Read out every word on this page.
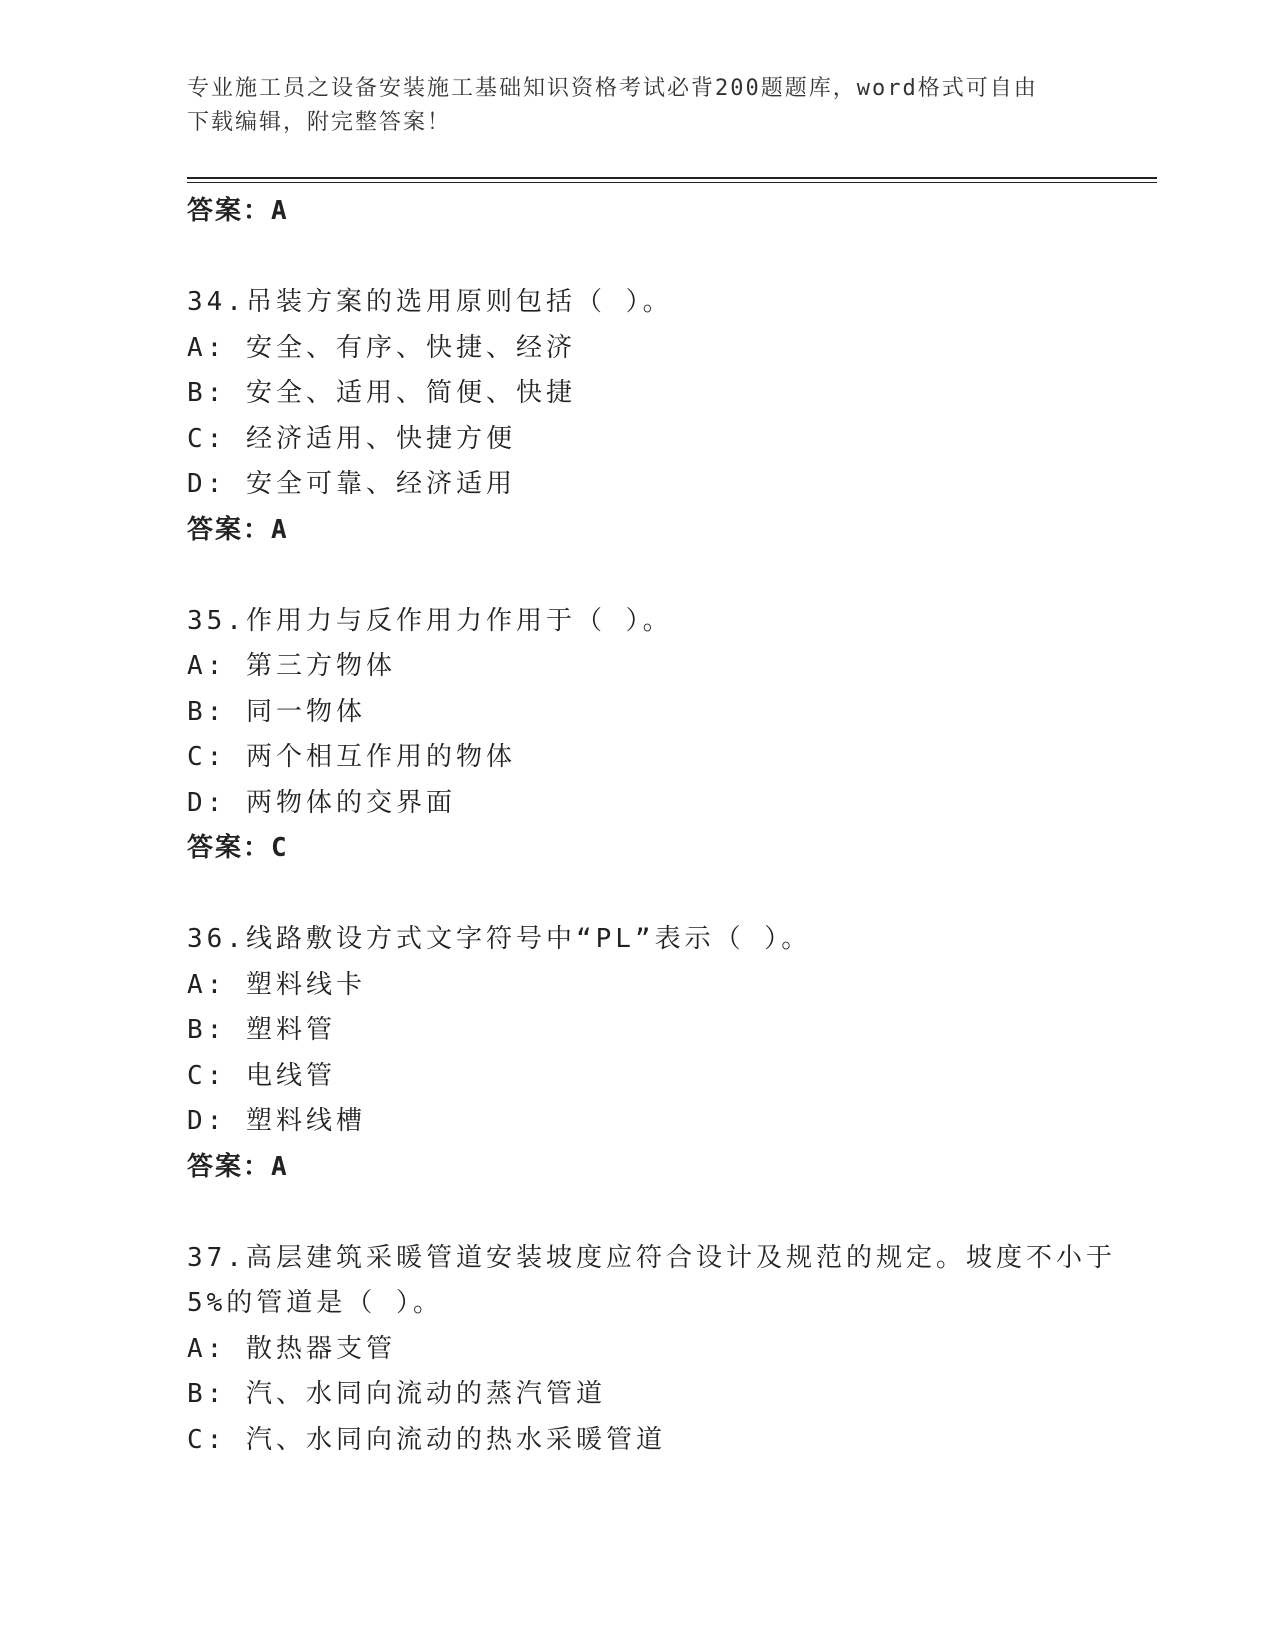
专业施工员之设备安装施工基础知识资格考试必背200题题库，word格式可自由
下载编辑，附完整答案！
答案：A
34.吊装方案的选用原则包括（ ）。
A: 安全、有序、快捷、经济
B: 安全、适用、简便、快捷
C: 经济适用、快捷方便
D: 安全可靠、经济适用
答案：A
35.作用力与反作用力作用于（ ）。
A: 第三方物体
B: 同一物体
C: 两个相互作用的物体
D: 两物体的交界面
答案：C
36.线路敷设方式文字符号中“PL”表示（ ）。
A: 塑料线卡
B: 塑料管
C: 电线管
D: 塑料线槽
答案：A
37.高层建筑采暖管道安装坡度应符合设计及规范的规定。坡度不小于
5%的管道是（ ）。
A: 散热器支管
B: 汽、水同向流动的蒸汽管道
C: 汽、水同向流动的热水采暖管道
